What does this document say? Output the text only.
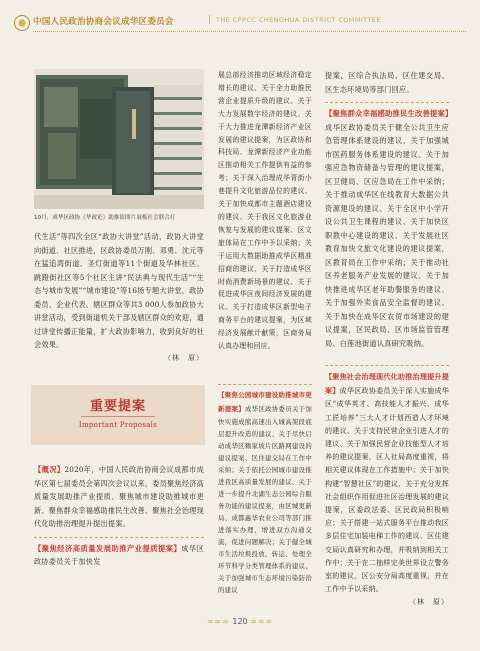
中国人民政治协商会议成华区委员会	| THE CPPCC CHENGHUA DISTRICT COMMITTEE
10月，成华区政协《华政论》助推街图片展板社会联合打

代生活”等四次全区“政协大讲堂”活动，政协大讲堂向街道、社区推进，区政协委员万刚、邓勇、沈元等在猛追湾街道、圣灯街道等11个街道及华林社区、跳蹬街社区等5个社区主讲“民法典与现代生活”“生态与城市发展”“城市建设”等16场专题大讲堂，政协委员、企业代表、辖区群众等共3 000人参加政协大讲堂活动，受到街道机关干部及辖区群众的欢迎，通过讲堂传播正能量，扩大政协影响力，收到良好的社会效果。

（林　原）
重要提案
Important Proposals

【概况】2020年，中国人民政治协商会议成都市成华区第七届委员会第四次会议以来，委员聚焦经济高质量发展助推产业提质、聚焦城市建设助推城市更新、聚焦群众幸福感助推民生改善、聚焦社会治理现代化助推治理提升提出提案。

【聚焦经济高质量发展助推产业提质提案】成华区政协委员关于加快发

展总部经济推动区域经济稳定增长的建议、关于全力助推民营企业提质升级的建议、关于大力发展数字经济的建议、关于大力推进龙潭新经济产业区发展的建议提案，为区政协和科技局、龙潭新经济产业功能区推动相关工作提供有益的参考；关于深入治理成华背街小巷提升文化旅游品位的建议、关于加快成都市主题酒店建设的建议、关于我区文化旅游业恢复与发展的建议提案、区文旅体局在工作中予以采纳；关于运用大数据助推成华区精准招商的建议、关于打造成华区时尚消费新场景的建议、关于促进成华区夜间经济发展的建议、关于打造成华区新型电子商务平台的建议提案，为区域经济发展献计献策，区商务局认真办理和回应。

提案，区综合执法局、区住建交局、区生态环境局等部门回应。

【聚焦群众幸福感助推民生改善提案】成华区政协委员关于健全公共卫生应急管理体系建设的建议、关于加强城市医药服务体系建设的建议、关于加强应急物资储备与管理的建议提案，区卫健局、区应急局在工作中采纳；关于推动成华区在线教育大数据公共资源建设的建议、关于全区中小学开设公共卫生课程的建议、关于加快区职教中心建设的建议、关于发展社区教育加快文旅文化建设的建议提案，区教育局在工作中采纳；关于推动社区养老服务产业发展的建议、关于加快推进成华区老年助餐服务的建议、关于加强外卖食品安全监督的建议、关于加快在成华区农贸市场建设的建议提案，区民政局、区市场监管管理局、白莲池街道认真研究吸纳。

∞∞∞ 120 ∞∞∞

【聚焦公园城市建设助推城市更新提案】成华区政协委员关于加快实施成熊高速出入城高架段底层提升改造的建议、关于尽快启动成华区赖家坡片区路网建设的建议提案、区住建交局在工作中采纳；关于依托公园城市建设推进我区高质量发展的建议、关于进一步提升北湖生态公园综合服务功能的建议提案，由区城更新局、成都鑫华农业公司等部门推进落实办理，增进双方沟通交流，促进问题解决；关于健全城市生活垃圾投放、转运、处理全环节科学分类管理体系的建议、关于加强城市生态环境污染防治的建议

【聚焦社会治理现代化助推治理提升提案】成华区政协委员关于深入实施成华区“成华英才、高技能人才振兴、成华工匠培养”三大人才计划西造人才环境的建议、关于支持民营企业引进人才的建议、关于加强民营企业技能型人才培养的建议提案，区人社局高度重视，将相关建议体现在工作措施中；关于加快构建“智慧社区”的建议、关于充分发挥社会组织作用促进社区治理发展的建议提案，区委政法委、区民政局积极响应；关于搭建一站式服务平台推动我区多层住宅加装电梯工作的建议、区住建交局认真研究和办理，并吸纳到相关工作中；关于在二抽样完美世界设立警务室的建议，区公安分局高度重视，并在工作中予以采纳。

（林　原）
